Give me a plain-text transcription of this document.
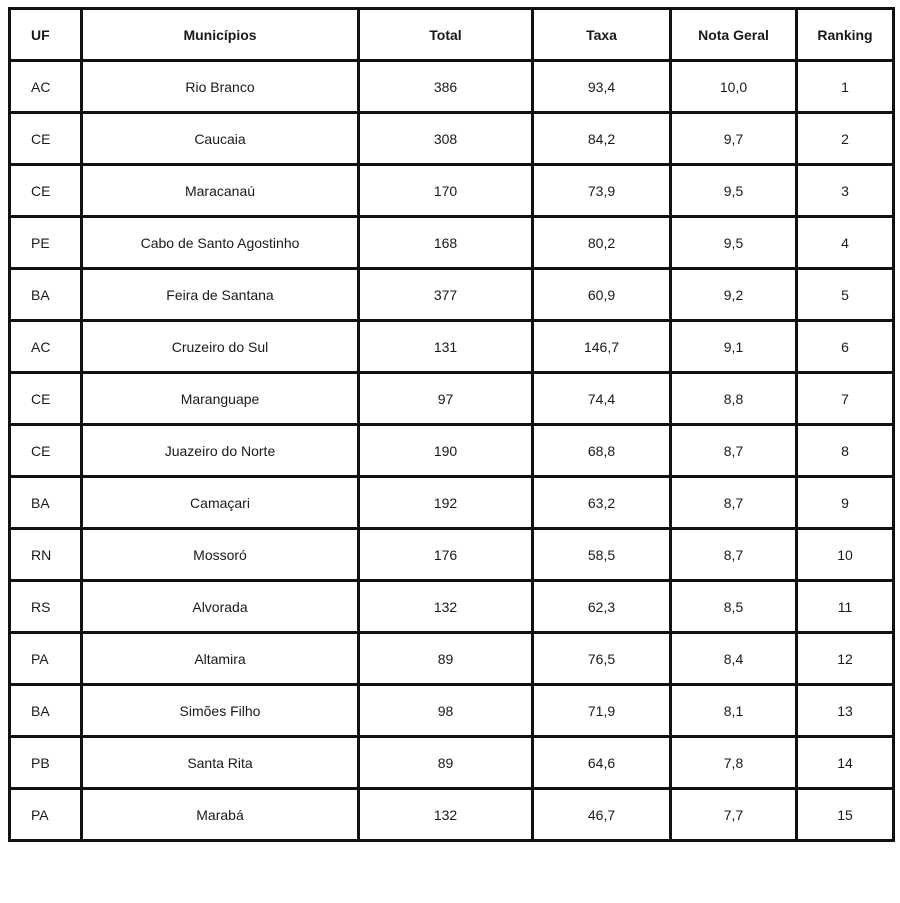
UF	Municípios	Total	Taxa	Nota Geral	Ranking
AC	Rio Branco	386	93,4	10,0	1
CE	Caucaia	308	84,2	9,7	2
CE	Maracanaú	170	73,9	9,5	3
PE	Cabo de Santo Agostinho	168	80,2	9,5	4
BA	Feira de Santana	377	60,9	9,2	5
AC	Cruzeiro do Sul	131	146,7	9,1	6
CE	Maranguape	97	74,4	8,8	7
CE	Juazeiro do Norte	190	68,8	8,7	8
BA	Camaçari	192	63,2	8,7	9
RN	Mossoró	176	58,5	8,7	10
RS	Alvorada	132	62,3	8,5	11
PA	Altamira	89	76,5	8,4	12
BA	Simões Filho	98	71,9	8,1	13
PB	Santa Rita	89	64,6	7,8	14
PA	Marabá	132	46,7	7,7	15
